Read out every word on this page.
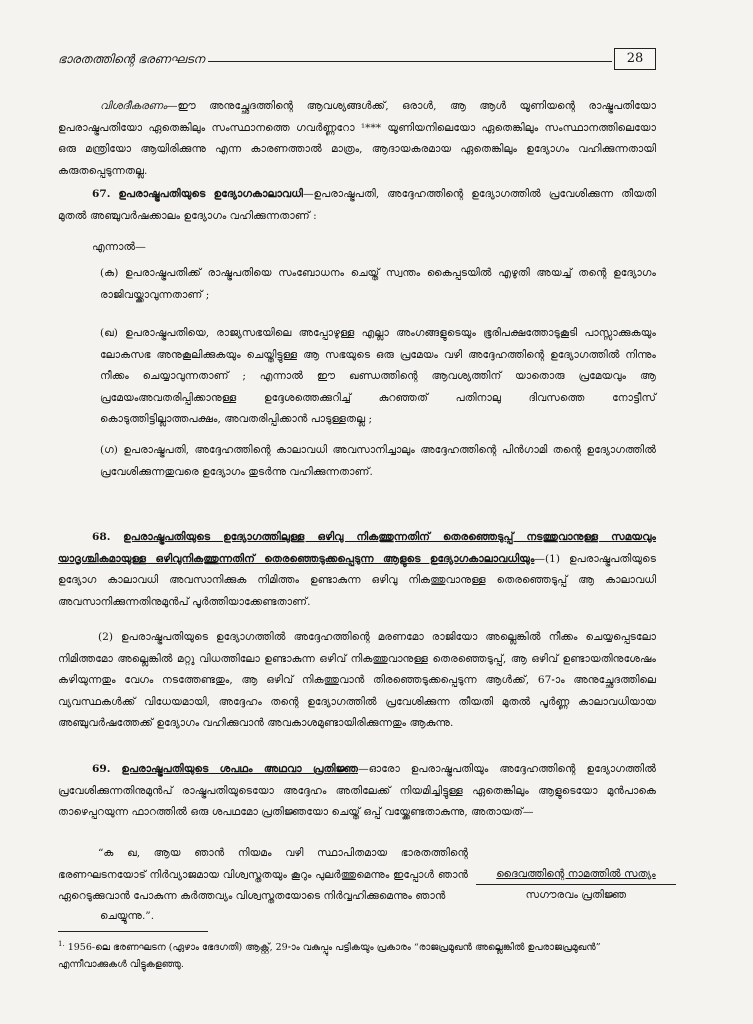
ഭാരതത്തിന്റെ ഭരണഘടന	28

വിശദീകരണം—ഈ അനുച്ഛേദത്തിന്റെ ആവശ്യങ്ങൾക്ക്, ഒരാൾ, ആ ആൾ യൂണിയന്റെ രാഷ്ട്രപതിയോ ഉപരാഷ്ട്രപതിയോ ഏതെങ്കിലും സംസ്ഥാനത്തെ ഗവർണ്ണറോ ¹*** യൂണിയനിലെയോ ഏതെങ്കിലും സംസ്ഥാനത്തിലെയോ ഒരു മന്ത്രിയോ ആയിരിക്കുന്നു എന്ന കാരണത്താൽ മാത്രം, ആദായകരമായ ഏതെങ്കിലും ഉദ്യോഗം വഹിക്കുന്നതായി കരുതപ്പെടുന്നതല്ല.

67. ഉപരാഷ്ട്രപതിയുടെ ഉദ്യോഗകാലാവധി—ഉപരാഷ്ട്രപതി, അദ്ദേഹത്തിന്റെ ഉദ്യോഗത്തിൽ പ്രവേശിക്കുന്ന തീയതി മുതൽ അഞ്ചുവർഷക്കാലം ഉദ്യോഗം വഹിക്കുന്നതാണ് :

എന്നാൽ—

(ക) ഉപരാഷ്ട്രപതിക്ക് രാഷ്ട്രപതിയെ സംബോധനം ചെയ്ത് സ്വന്തം കൈപ്പടയിൽ എഴുതി അയച്ച് തന്റെ ഉദ്യോഗം രാജിവയ്ക്കാവുന്നതാണ് ;

(ഖ) ഉപരാഷ്ട്രപതിയെ, രാജ്യസഭയിലെ അപ്പോഴുള്ള എല്ലാ അംഗങ്ങളുടെയും ഭൂരിപക്ഷത്തോടുകൂടി പാസ്സാക്കുകയും ലോകസഭ അനുകൂലിക്കുകയും ചെയ്തിട്ടുള്ള ആ സഭയുടെ ഒരു പ്രമേയം വഴി അദ്ദേഹത്തിന്റെ ഉദ്യോഗത്തിൽ നിന്നും നീക്കം ചെയ്യാവുന്നതാണ് ; എന്നാൽ ഈ ഖണ്ഡത്തിന്റെ ആവശ്യത്തിന് യാതൊരു പ്രമേയവും ആ പ്രമേയംഅവതരിപ്പിക്കാനുള്ള ഉദ്ദേശത്തെക്കുറിച്ച് കുറഞ്ഞത് പതിനാലു ദിവസത്തെ നോട്ടീസ് കൊടുത്തിട്ടില്ലാത്തപക്ഷം, അവതരിപ്പിക്കാൻ പാടുള്ളതല്ല ;

(ഗ) ഉപരാഷ്ട്രപതി, അദ്ദേഹത്തിന്റെ കാലാവധി അവസാനിച്ചാലും അദ്ദേഹത്തിന്റെ പിൻഗാമി തന്റെ ഉദ്യോഗത്തിൽ പ്രവേശിക്കുന്നതുവരെ ഉദ്യോഗം തുടർന്നു വഹിക്കുന്നതാണ്.

68. ഉപരാഷ്ട്രപതിയുടെ ഉദ്യോഗത്തിലുള്ള ഒഴിവു നികത്തുന്നതിന് തെരഞ്ഞെടുപ്പ് നടത്തുവാനുള്ള സമയവും യാദൃശ്ചികമായുള്ള ഒഴിവുനികത്തുന്നതിന് തെരഞ്ഞെടുക്കപ്പെടുന്ന ആളുടെ ഉദ്യോഗകാലാവധിയും—(1) ഉപരാഷ്ട്രപതിയുടെ ഉദ്യോഗ കാലാവധി അവസാനിക്കുക നിമിത്തം ഉണ്ടാകുന്ന ഒഴിവു നികത്തുവാനുള്ള തെരഞ്ഞെടുപ്പ് ആ കാലാവധി അവസാനിക്കുന്നതിനുമുൻപ് പൂർത്തിയാക്കേണ്ടതാണ്.

(2) ഉപരാഷ്ട്രപതിയുടെ ഉദ്യോഗത്തിൽ അദ്ദേഹത്തിന്റെ മരണമോ രാജിയോ അല്ലെങ്കിൽ നീക്കം ചെയ്യപ്പെടലോ നിമിത്തമോ അല്ലെങ്കിൽ മറ്റു വിധത്തിലോ ഉണ്ടാകുന്ന ഒഴിവ് നികത്തുവാനുള്ള തെരഞ്ഞെടുപ്പ്, ആ ഒഴിവ് ഉണ്ടായതിനുശേഷം കഴിയുന്നതും വേഗം നടത്തേണ്ടതും, ആ ഒഴിവ് നികത്തുവാൻ തിരഞ്ഞെടുക്കപ്പെടുന്ന ആൾക്ക്, 67-ാം അനുച്ഛേദത്തിലെ വ്യവസ്ഥകൾക്ക് വിധേയമായി, അദ്ദേഹം തന്റെ ഉദ്യോഗത്തിൽ പ്രവേശിക്കുന്ന തീയതി മുതൽ പൂർണ്ണ കാലാവധിയായ അഞ്ചുവർഷത്തേക്ക് ഉദ്യോഗം വഹിക്കുവാൻ അവകാശമുണ്ടായിരിക്കുന്നതും ആകുന്നു.

69. ഉപരാഷ്ട്രപതിയുടെ ശപഥം അഥവാ പ്രതിജ്ഞ—ഓരോ ഉപരാഷ്ട്രപതിയും അദ്ദേഹത്തിന്റെ ഉദ്യോഗത്തിൽ പ്രവേശിക്കുന്നതിനുമുൻപ് രാഷ്ട്രപതിയുടെയോ അദ്ദേഹം അതിലേക്ക് നിയമിച്ചിട്ടുള്ള ഏതെങ്കിലും ആളുടെയോ മുൻപാകെ താഴെപ്പറയുന്ന ഫാറത്തിൽ ഒരു ശപഥമോ പ്രതിജ്ഞയോ ചെയ്ത് ഒപ്പ് വയ്ക്കേണ്ടതാകുന്നു, അതായത്—

“ക ഖ, ആയ ഞാൻ നിയമം വഴി സ്ഥാപിതമായ ഭാരതത്തിന്റെ ഭരണഘടനയോട് നിർവ്യാജമായ വിശ്വസ്തതയും കൂറും പുലർത്തുമെന്നും ഇപ്പോൾ ഞാൻ ഏറെടുക്കുവാൻ പോകുന്ന കർത്തവ്യം വിശ്വസ്തതയോടെ നിർവ്വഹിക്കുമെന്നും ഞാൻ

ദൈവത്തിന്റെ നാമത്തിൽ സത്യം
സഗൗരവം പ്രതിജ്ഞ

ചെയ്യുന്നു.”.

$^{1.}$ 1956-ലെ ഭരണഘടന (ഏഴാം ഭേദഗതി) ആക്റ്റ്, 29-ാം വകുപ്പും പട്ടികയും പ്രകാരം “രാജപ്രമുഖൻ അല്ലെങ്കിൽ ഉപരാജപ്രമുഖൻ” എന്നീവാക്കുകൾ വിട്ടുകളഞ്ഞു.
